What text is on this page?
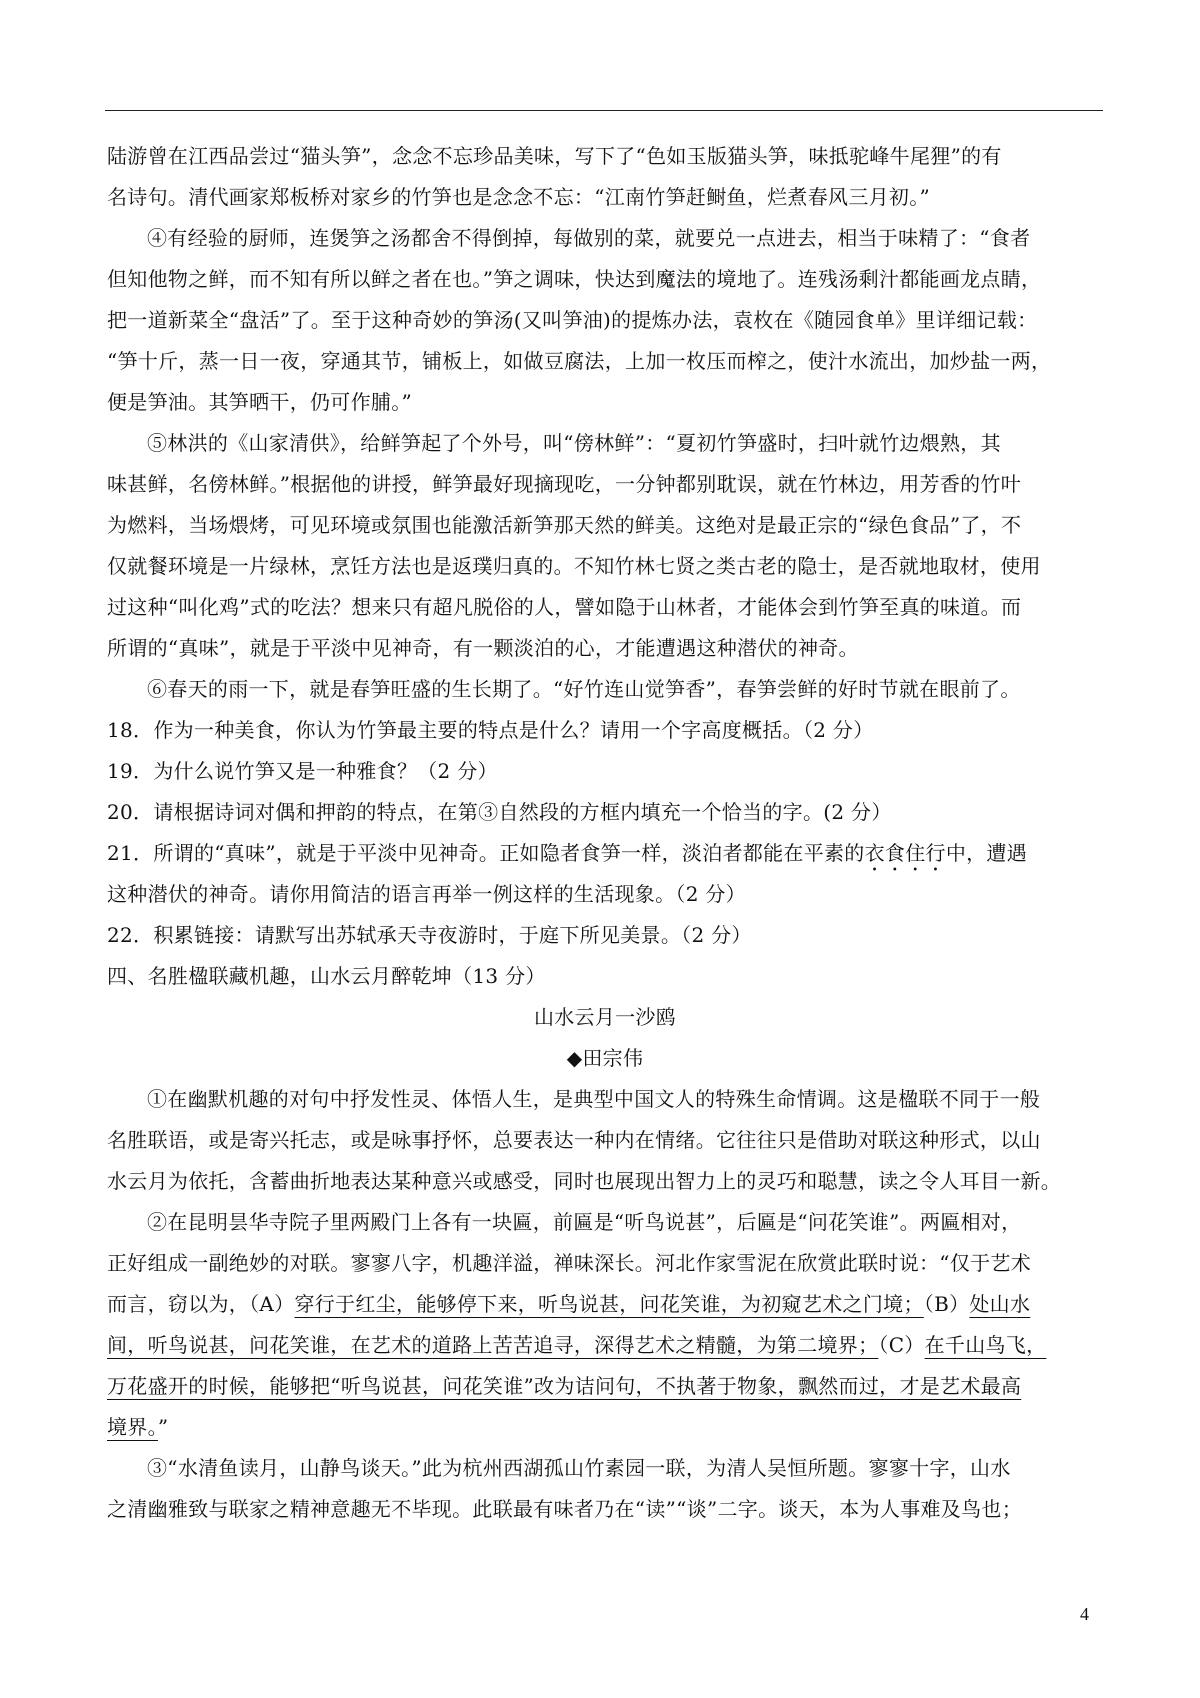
陆游曾在江西品尝过“猫头笋”，念念不忘珍品美味，写下了“色如玉版猫头笋，味抵驼峰牛尾狸”的有
名诗句。清代画家郑板桥对家乡的竹笋也是念念不忘：“江南竹笋赶鲥鱼，烂煮春风三月初。”
④有经验的厨师，连煲笋之汤都舍不得倒掉，每做别的菜，就要兑一点进去，相当于味精了：“食者
但知他物之鲜，而不知有所以鲜之者在也。”笋之调味，快达到魔法的境地了。连残汤剩汁都能画龙点睛，
把一道新菜全“盘活”了。至于这种奇妙的笋汤(又叫笋油)的提炼办法，袁枚在《随园食单》里详细记载：
“笋十斤，蒸一日一夜，穿通其节，铺板上，如做豆腐法，上加一枚压而榨之，使汁水流出，加炒盐一两，
便是笋油。其笋晒干，仍可作脯。”
⑤林洪的《山家清供》，给鲜笋起了个外号，叫“傍林鲜”：“夏初竹笋盛时，扫叶就竹边煨熟，其
味甚鲜，名傍林鲜。”根据他的讲授，鲜笋最好现摘现吃，一分钟都别耽误，就在竹林边，用芳香的竹叶
为燃料，当场煨烤，可见环境或氛围也能激活新笋那天然的鲜美。这绝对是最正宗的“绿色食品”了，不
仅就餐环境是一片绿林，烹饪方法也是返璞归真的。不知竹林七贤之类古老的隐士，是否就地取材，使用
过这种“叫化鸡”式的吃法？想来只有超凡脱俗的人，譬如隐于山林者，才能体会到竹笋至真的味道。而
所谓的“真味”，就是于平淡中见神奇，有一颗淡泊的心，才能遭遇这种潜伏的神奇。
⑥春天的雨一下，就是春笋旺盛的生长期了。“好竹连山觉笋香”，春笋尝鲜的好时节就在眼前了。
18．作为一种美食，你认为竹笋最主要的特点是什么？请用一个字高度概括。（2 分）
19．为什么说竹笋又是一种雅食？（2 分）
20．请根据诗词对偶和押韵的特点，在第③自然段的方框内填充一个恰当的字。(2 分）
21．所谓的“真味”，就是于平淡中见神奇。正如隐者食笋一样，淡泊者都能在平素的衣食住行中，遭遇
这种潜伏的神奇。请你用简洁的语言再举一例这样的生活现象。（2 分）
22．积累链接：请默写出苏轼承天寺夜游时，于庭下所见美景。（2 分）
四、名胜楹联藏机趣，山水云月醉乾坤（13 分）
山水云月一沙鸥
◆田宗伟
①在幽默机趣的对句中抒发性灵、体悟人生，是典型中国文人的特殊生命情调。这是楹联不同于一般
名胜联语，或是寄兴托志，或是咏事抒怀，总要表达一种内在情绪。它往往只是借助对联这种形式，以山
水云月为依托，含蓄曲折地表达某种意兴或感受，同时也展现出智力上的灵巧和聪慧，读之令人耳目一新。
②在昆明昙华寺院子里两殿门上各有一块匾，前匾是“听鸟说甚”，后匾是“问花笑谁”。两匾相对，
正好组成一副绝妙的对联。寥寥八字，机趣洋溢，禅味深长。河北作家雪泥在欣赏此联时说：“仅于艺术
而言，窃以为，（A）穿行于红尘，能够停下来，听鸟说甚，问花笑谁，为初窥艺术之门境；（B）处山水
间，听鸟说甚，问花笑谁，在艺术的道路上苦苦追寻，深得艺术之精髓，为第二境界；（C）在千山鸟飞，
万花盛开的时候，能够把“听鸟说甚，问花笑谁”改为诘问句，不执著于物象，飘然而过，才是艺术最高
境界。”
③“水清鱼读月，山静鸟谈天。”此为杭州西湖孤山竹素园一联，为清人吴恒所题。寥寥十字，山水
之清幽雅致与联家之精神意趣无不毕现。此联最有味者乃在“读”“谈”二字。谈天，本为人事难及鸟也；
4
